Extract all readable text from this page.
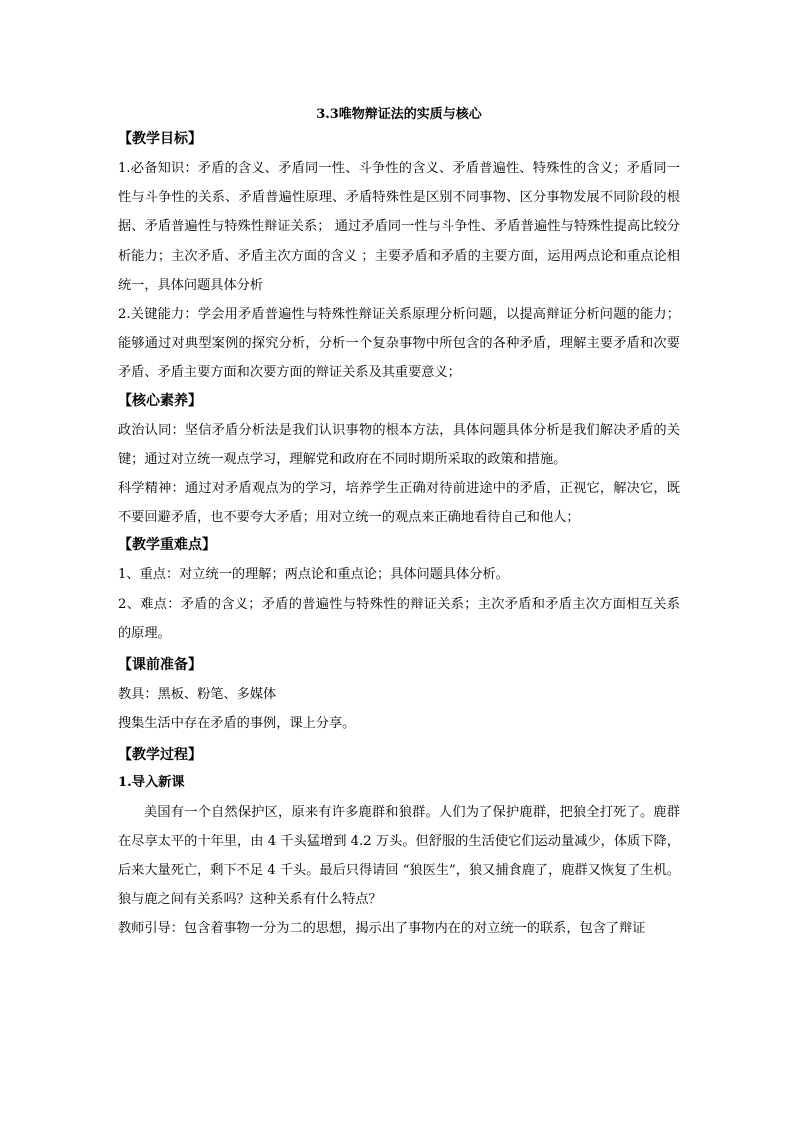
3.3唯物辩证法的实质与核心

【教学目标】

1.必备知识：矛盾的含义、矛盾同一性、斗争性的含义、矛盾普遍性、特殊性的含义；矛盾同一性与斗争性的关系、矛盾普遍性原理、矛盾特殊性是区别不同事物、区分事物发展不同阶段的根据、矛盾普遍性与特殊性辩证关系； 通过矛盾同一性与斗争性、矛盾普遍性与特殊性提高比较分析能力；主次矛盾、矛盾主次方面的含义 ；主要矛盾和矛盾的主要方面，运用两点论和重点论相统一，具体问题具体分析

2.关键能力：学会用矛盾普遍性与特殊性辩证关系原理分析问题，以提高辩证分析问题的能力；能够通过对典型案例的探究分析，分析一个复杂事物中所包含的各种矛盾，理解主要矛盾和次要矛盾、矛盾主要方面和次要方面的辩证关系及其重要意义；

【核心素养】

政治认同：坚信矛盾分析法是我们认识事物的根本方法，具体问题具体分析是我们解决矛盾的关键；通过对立统一观点学习，理解党和政府在不同时期所采取的政策和措施。

科学精神：通过对矛盾观点为的学习，培养学生正确对待前进途中的矛盾，正视它，解决它，既不要回避矛盾，也不要夸大矛盾；用对立统一的观点来正确地看待自己和他人；

【教学重难点】

1、重点：对立统一的理解；两点论和重点论；具体问题具体分析。

2、难点：矛盾的含义；矛盾的普遍性与特殊性的辩证关系；主次矛盾和矛盾主次方面相互关系的原理。

【课前准备】

教具：黑板、粉笔、多媒体

搜集生活中存在矛盾的事例，课上分享。

【教学过程】

1.导入新课

美国有一个自然保护区，原来有许多鹿群和狼群。人们为了保护鹿群，把狼全打死了。鹿群在尽享太平的十年里，由 4 千头猛增到 4.2 万头。但舒服的生活使它们运动量减少，体质下降，后来大量死亡，剩下不足 4 千头。最后只得请回 “狼医生”，狼又捕食鹿了，鹿群又恢复了生机。

狼与鹿之间有关系吗？这种关系有什么特点？

教师引导：包含着事物一分为二的思想，揭示出了事物内在的对立统一的联系，包含了辩证
